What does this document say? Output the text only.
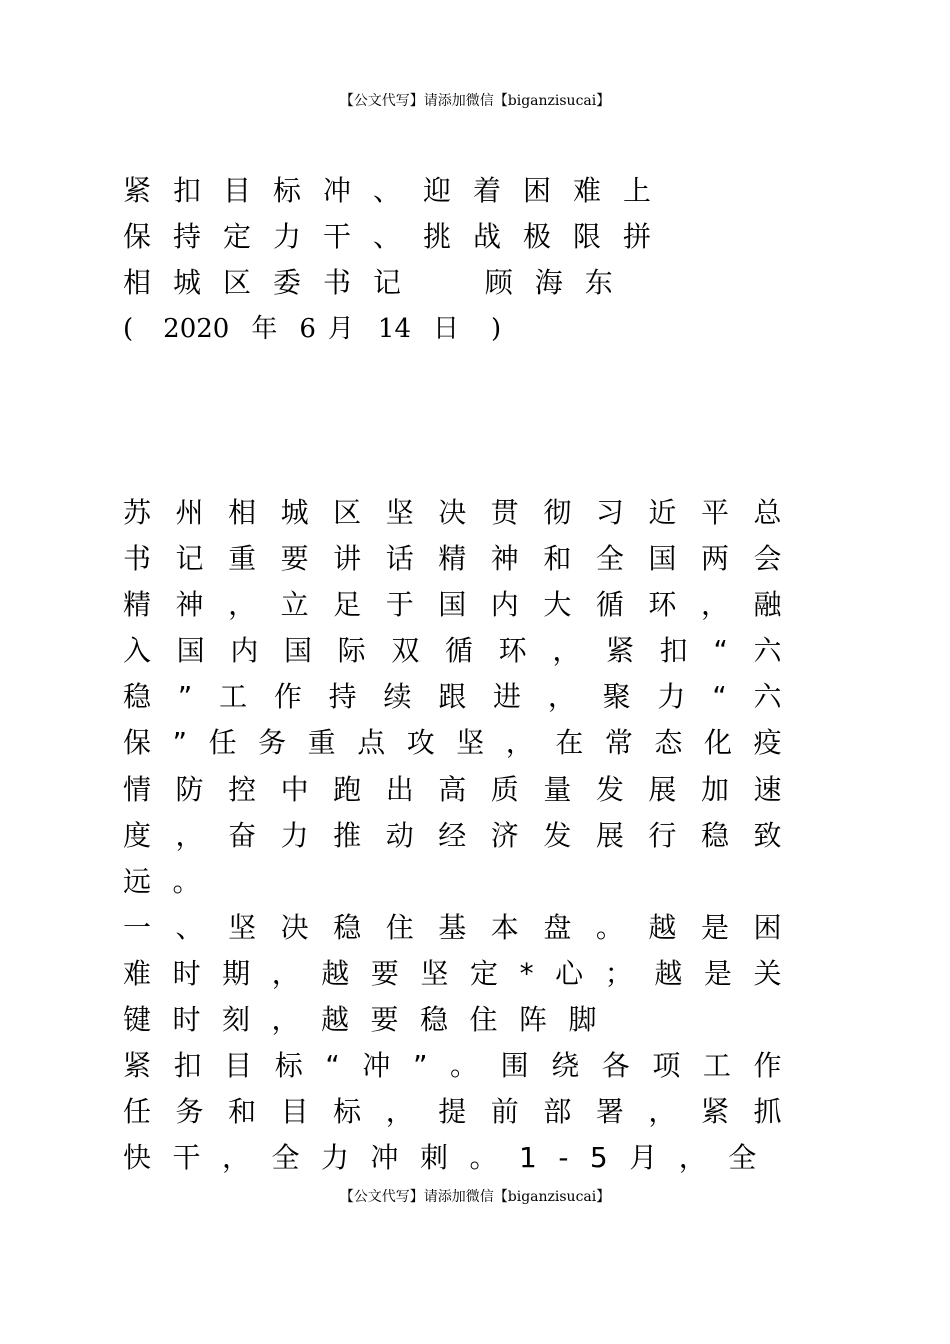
【公文代写】请添加微信【biganzisucai】
紧扣目标冲、迎着困难上
保持定力干、挑战极限拼
相城区委书记  顾海东
( 2020 年 6 月 14 日 )

苏州相城区坚决贯彻习近平总书记重要讲话精神和全国两会精神，立足于国内大循环，融入国内国际双循环，紧扣“六稳”工作持续跟进，聚力“六保”任务重点攻坚，在常态化疫情防控中跑出高质量发展加速度，奋力推动经济发展行稳致远。

一、坚决稳住基本盘。越是困难时期，越要坚定*心；越是关键时刻，越要稳住阵脚

紧扣目标“冲”。围绕各项工作任务和目标，提前部署，紧抓快干，全力冲刺。1-5月，全

【公文代写】请添加微信【biganzisucai】
